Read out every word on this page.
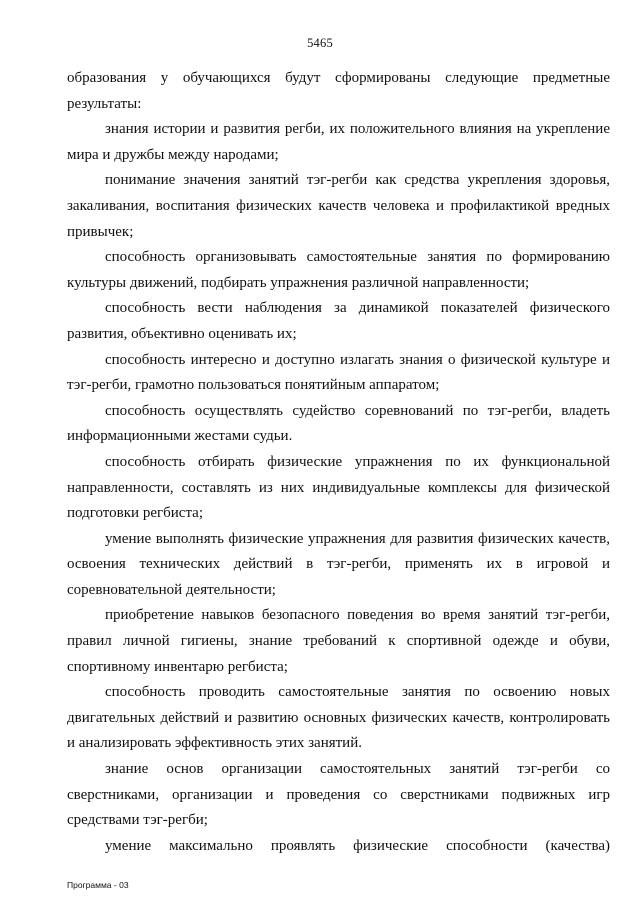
5465

образования у обучающихся будут сформированы следующие предметные результаты:

знания истории и развития регби, их положительного влияния на укрепление мира и дружбы между народами;

понимание значения занятий тэг-регби как средства укрепления здоровья, закаливания, воспитания физических качеств человека и профилактикой вредных привычек;

способность организовывать самостоятельные занятия по формированию культуры движений, подбирать упражнения различной направленности;

способность вести наблюдения за динамикой показателей физического развития, объективно оценивать их;

способность интересно и доступно излагать знания о физической культуре и тэг-регби, грамотно пользоваться понятийным аппаратом;

способность осуществлять судейство соревнований по тэг-регби, владеть информационными жестами судьи.

способность отбирать физические упражнения по их функциональной направленности, составлять из них индивидуальные комплексы для физической подготовки регбиста;

умение выполнять физические упражнения для развития физических качеств, освоения технических действий в тэг-регби, применять их в игровой и соревновательной деятельности;

приобретение навыков безопасного поведения во время занятий тэг-регби, правил личной гигиены, знание требований к спортивной одежде и обуви, спортивному инвентарю регбиста;

способность проводить самостоятельные занятия по освоению новых двигательных действий и развитию основных физических качеств, контролировать и анализировать эффективность этих занятий.

знание основ организации самостоятельных занятий тэг-регби со сверстниками, организации и проведения со сверстниками подвижных игр средствами тэг-регби;

умение максимально проявлять физические способности (качества)

Программа - 03
